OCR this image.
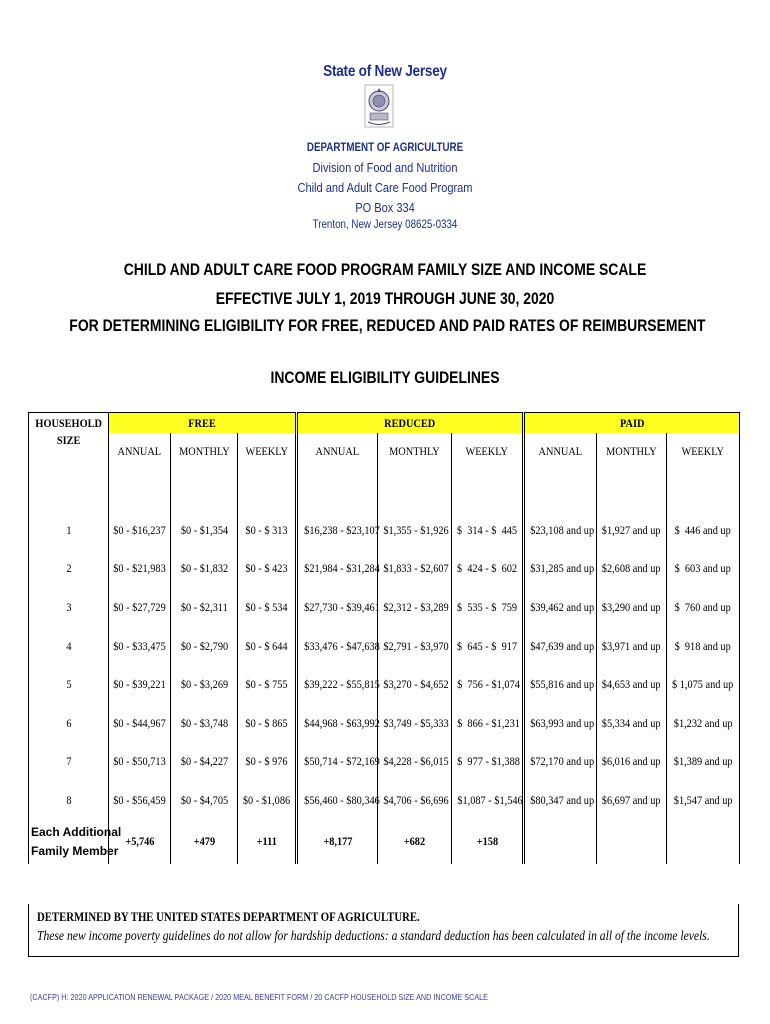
State of New Jersey
DEPARTMENT OF AGRICULTURE
Division of Food and Nutrition
Child and Adult Care Food Program
PO Box 334
Trenton, New Jersey 08625-0334
CHILD AND ADULT CARE FOOD PROGRAM FAMILY SIZE AND INCOME SCALE
EFFECTIVE JULY 1, 2019 THROUGH JUNE 30, 2020
FOR DETERMINING ELIGIBILITY FOR FREE, REDUCED AND PAID RATES OF REIMBURSEMENT
INCOME ELIGIBILITY GUIDELINES
HOUSEHOLD	FREE			REDUCED			PAID		
SIZE	ANNUAL	MONTHLY	WEEKLY	ANNUAL	MONTHLY	WEEKLY	ANNUAL	MONTHLY	WEEKLY

1	$0 - $16,237	$0 - $1,354	$0 - $ 313	$16,238 - $23,107	$1,355 - $1,926	$  314 - $  445	$23,108 and up	$1,927 and up	$  446 and up
2	$0 - $21,983	$0 - $1,832	$0 - $ 423	$21,984 - $31,284	$1,833 - $2,607	$  424 - $  602	$31,285 and up	$2,608 and up	$  603 and up
3	$0 - $27,729	$0 - $2,311	$0 - $ 534	$27,730 - $39,461	$2,312 - $3,289	$  535 - $  759	$39,462 and up	$3,290 and up	$  760 and up
4	$0 - $33,475	$0 - $2,790	$0 - $ 644	$33,476 - $47,638	$2,791 - $3,970	$  645 - $  917	$47,639 and up	$3,971 and up	$  918 and up
5	$0 - $39,221	$0 - $3,269	$0 - $ 755	$39,222 - $55,815	$3,270 - $4,652	$  756 - $1,074	$55,816 and up	$4,653 and up	$ 1,075 and up
6	$0 - $44,967	$0 - $3,748	$0 - $ 865	$44,968 - $63,992	$3,749 - $5,333	$  866 - $1,231	$63,993 and up	$5,334 and up	$1,232 and up
7	$0 - $50,713	$0 - $4,227	$0 - $ 976	$50,714 - $72,169	$4,228 - $6,015	$  977 - $1,388	$72,170 and up	$6,016 and up	$1,389 and up
8	$0 - $56,459	$0 - $4,705	$0 - $1,086	$56,460 - $80,346	$4,706 - $6,696	$1,087 - $1,546	$80,347 and up	$6,697 and up	$1,547 and up

Each Additional
Family Member	+5,746	+479	+111	+8,177	+682	+158			
DETERMINED BY THE UNITED STATES DEPARTMENT OF AGRICULTURE.
These new income poverty guidelines do not allow for hardship deductions: a standard deduction has been calculated in all of the income levels.
(CACFP) H: 2020 APPLICATION RENEWAL PACKAGE / 2020 MEAL BENEFIT FORM / 20 CACFP HOUSEHOLD SIZE AND INCOME SCALE
